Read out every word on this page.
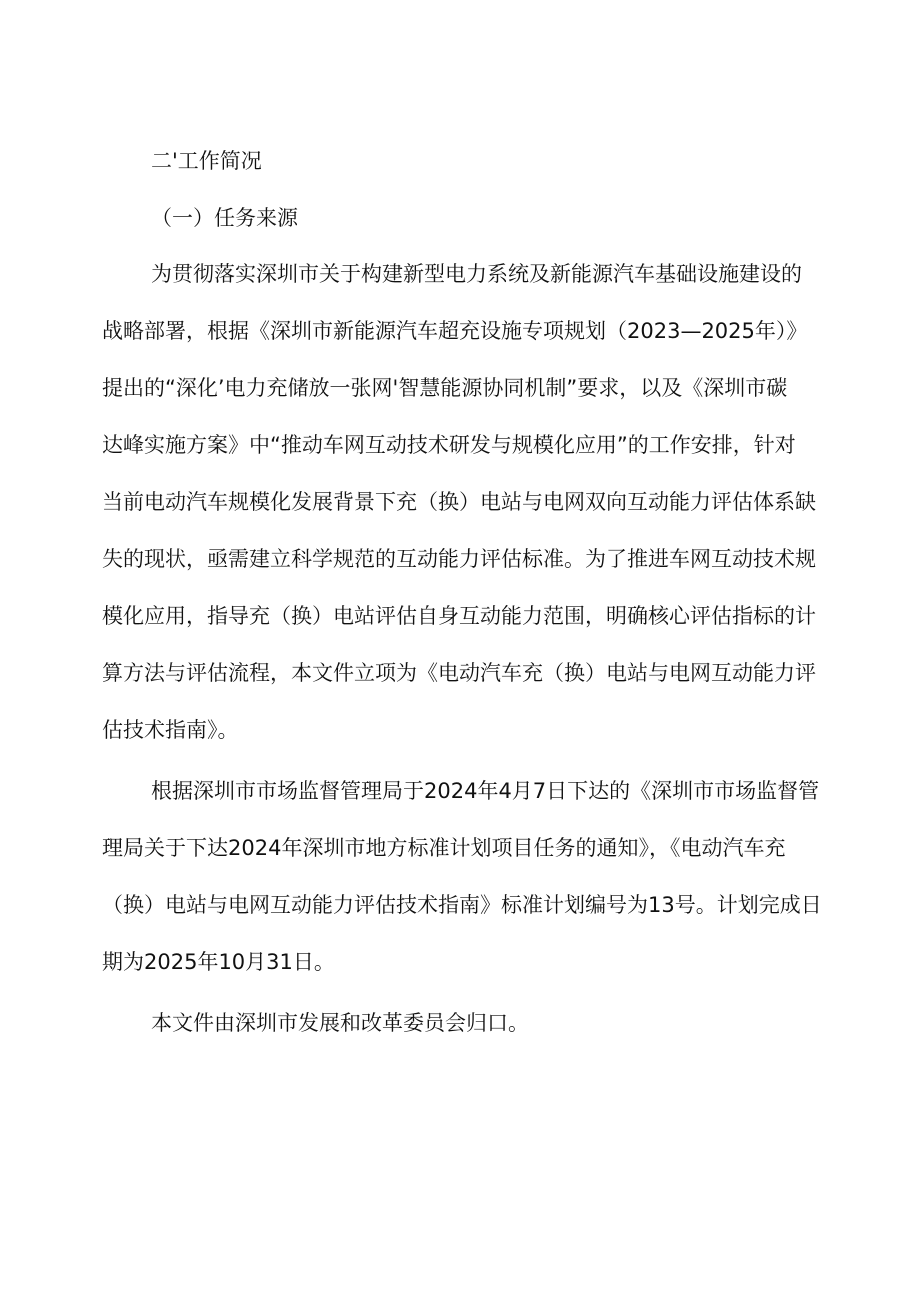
二'工作简况
（一）任务来源
为贯彻落实深圳市关于构建新型电力系统及新能源汽车基础设施建设的
战略部署，根据《深圳市新能源汽车超充设施专项规划（2023—2025年）》
提出的“深化’电力充储放一张网'智慧能源协同机制”要求，以及《深圳市碳
达峰实施方案》中“推动车网互动技术研发与规模化应用”的工作安排，针对
当前电动汽车规模化发展背景下充（换）电站与电网双向互动能力评估体系缺
失的现状，亟需建立科学规范的互动能力评估标准。为了推进车网互动技术规
模化应用，指导充（换）电站评估自身互动能力范围，明确核心评估指标的计
算方法与评估流程，本文件立项为《电动汽车充（换）电站与电网互动能力评
估技术指南》。
根据深圳市市场监督管理局于2024年4月7日下达的《深圳市市场监督管
理局关于下达2024年深圳市地方标准计划项目任务的通知》，《电动汽车充
（换）电站与电网互动能力评估技术指南》标准计划编号为13号。计划完成日
期为2025年10月31日。
本文件由深圳市发展和改革委员会归口。
